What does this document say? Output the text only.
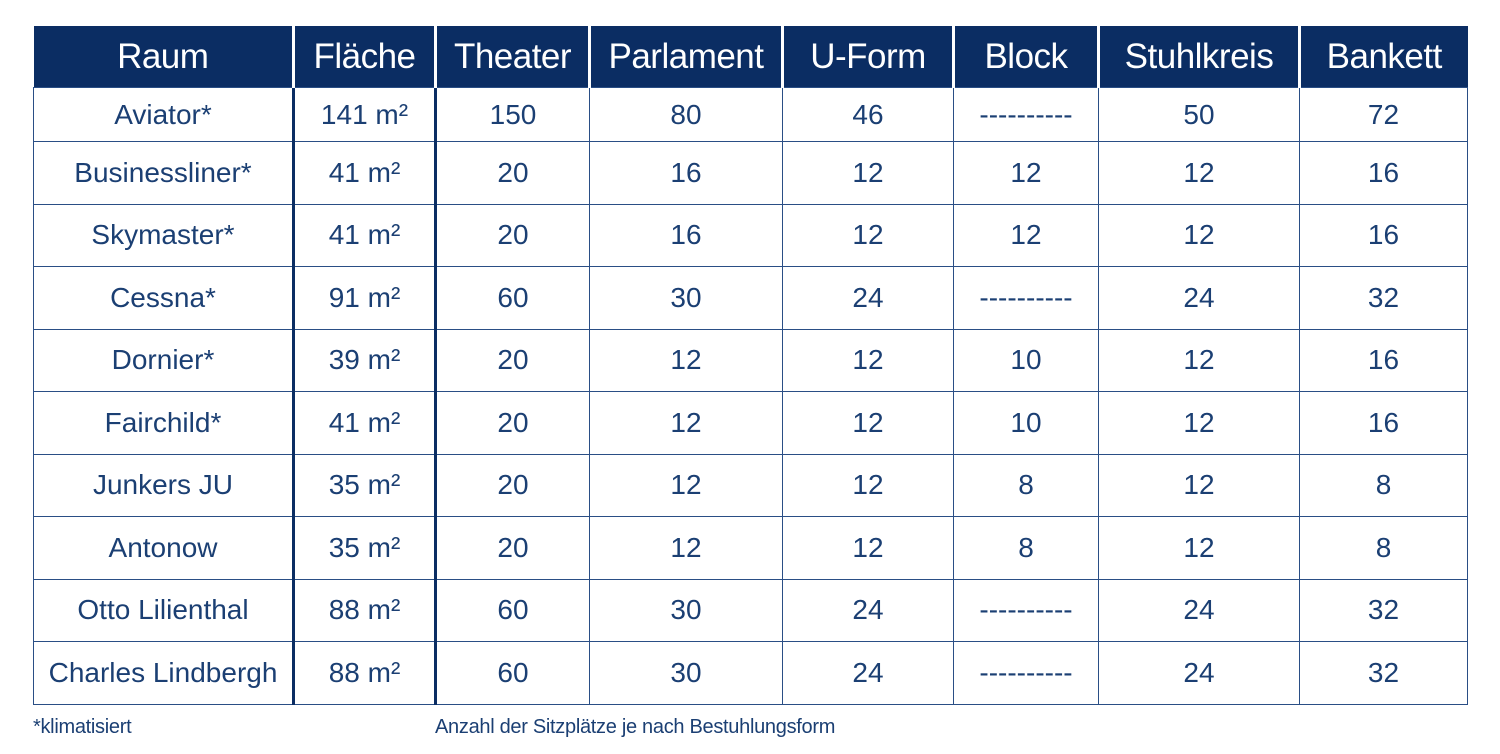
Raum	Fläche	Theater	Parlament	U-Form	Block	Stuhlkreis	Bankett
Aviator*	141 m²	150	80	46	----------	50	72
Businessliner*	41 m²	20	16	12	12	12	16
Skymaster*	41 m²	20	16	12	12	12	16
Cessna*	91 m²	60	30	24	----------	24	32
Dornier*	39 m²	20	12	12	10	12	16
Fairchild*	41 m²	20	12	12	10	12	16
Junkers JU	35 m²	20	12	12	8	12	8
Antonow	35 m²	20	12	12	8	12	8
Otto Lilienthal	88 m²	60	30	24	----------	24	32
Charles Lindbergh	88 m²	60	30	24	----------	24	32
*klimatisiert	Anzahl der Sitzplätze je nach Bestuhlungsform
